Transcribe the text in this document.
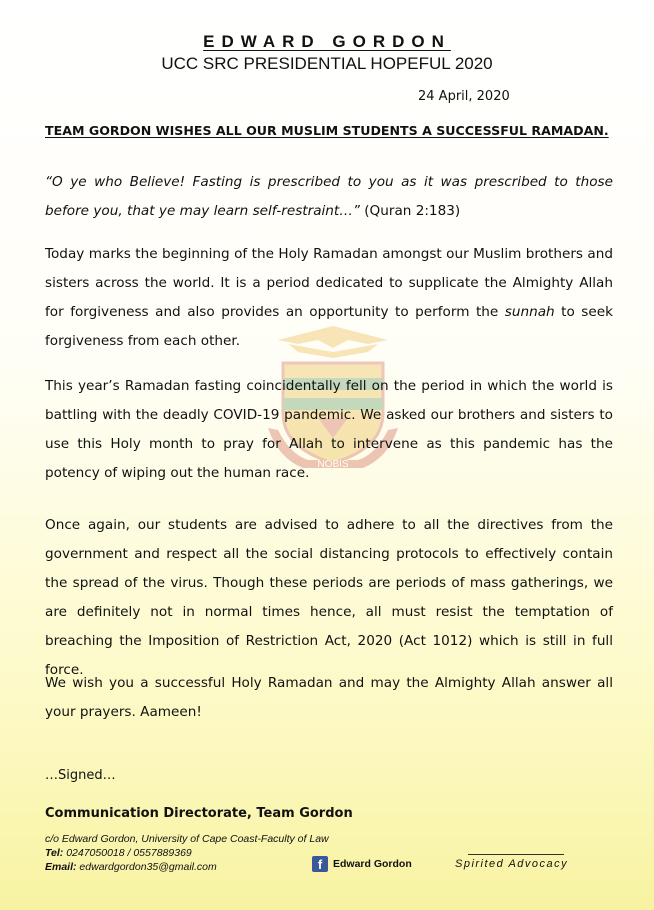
EDWARD GORDON
UCC SRC PRESIDENTIAL HOPEFUL 2020
24 April, 2020
NOBIS
TEAM GORDON WISHES ALL OUR MUSLIM STUDENTS A SUCCESSFUL RAMADAN.

“O ye who Believe! Fasting is prescribed to you as it was prescribed to those before you, that ye may learn self-restraint…” (Quran 2:183)

Today marks the beginning of the Holy Ramadan amongst our Muslim brothers and sisters across the world. It is a period dedicated to supplicate the Almighty Allah for forgiveness and also provides an opportunity to perform the sunnah to seek forgiveness from each other.

This year’s Ramadan fasting coincidentally fell on the period in which the world is battling with the deadly COVID-19 pandemic. We asked our brothers and sisters to use this Holy month to pray for Allah to intervene as this pandemic has the potency of wiping out the human race.

Once again, our students are advised to adhere to all the directives from the government and respect all the social distancing protocols to effectively contain the spread of the virus. Though these periods are periods of mass gatherings, we are definitely not in normal times hence, all must resist the temptation of breaching the Imposition of Restriction Act, 2020 (Act 1012) which is still in full force.

We wish you a successful Holy Ramadan and may the Almighty Allah answer all your prayers. Aameen!

…Signed…
Communication Directorate, Team Gordon
c/o Edward Gordon, University of Cape Coast-Faculty of Law
Tel: 0247050018 / 0557889369
Email: edwardgordon35@gmail.com	f	Edward Gordon	Spirited Advocacy
